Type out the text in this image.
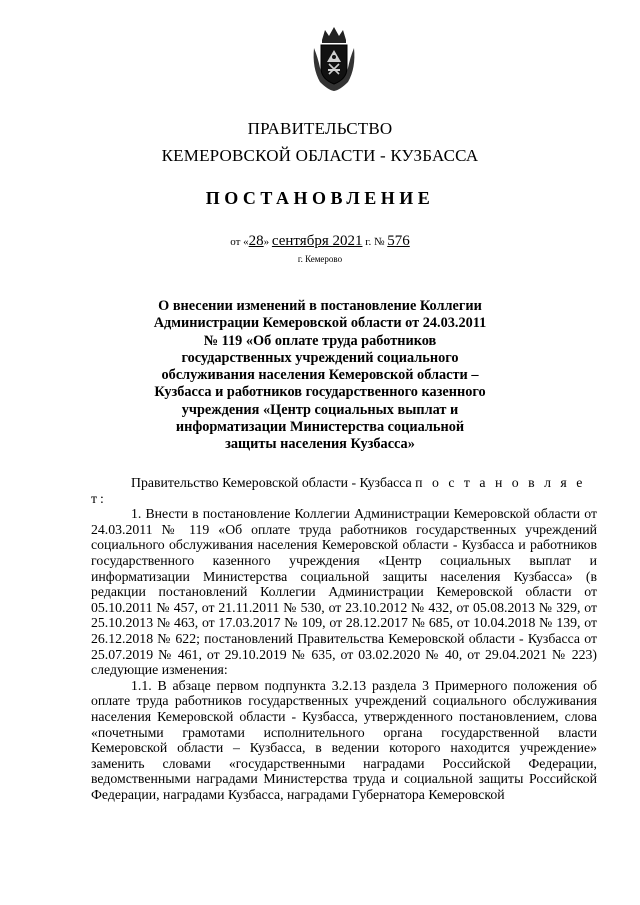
ПРАВИТЕЛЬСТВО
КЕМЕРОВСКОЙ ОБЛАСТИ - КУЗБАССА
ПОСТАНОВЛЕНИЕ
от «28» сентября 2021 г. № 576
г. Кемерово
О внесении изменений в постановление Коллегии Администрации Кемеровской области от 24.03.2011 № 119 «Об оплате труда работников государственных учреждений социального обслуживания населения Кемеровской области – Кузбасса и работников государственного казенного учреждения «Центр социальных выплат и информатизации Министерства социальной защиты населения Кузбасса»

Правительство Кемеровской области - Кузбасса п о с т а н о в л я е т:

1. Внести в постановление Коллегии Администрации Кемеровской области от 24.03.2011 № 119 «Об оплате труда работников государственных учреждений социального обслуживания населения Кемеровской области - Кузбасса и работников государственного казенного учреждения «Центр социальных выплат и информатизации Министерства социальной защиты населения Кузбасса» (в редакции постановлений Коллегии Администрации Кемеровской области от 05.10.2011 № 457, от 21.11.2011 № 530, от 23.10.2012 № 432, от 05.08.2013 № 329, от 25.10.2013 № 463, от 17.03.2017 № 109, от 28.12.2017 № 685, от 10.04.2018 № 139, от 26.12.2018 № 622; постановлений Правительства Кемеровской области - Кузбасса от 25.07.2019 № 461, от 29.10.2019 № 635, от 03.02.2020 № 40, от 29.04.2021 № 223) следующие изменения:

1.1. В абзаце первом подпункта 3.2.13 раздела 3 Примерного положения об оплате труда работников государственных учреждений социального обслуживания населения Кемеровской области - Кузбасса, утвержденного постановлением, слова «почетными грамотами исполнительного органа государственной власти Кемеровской области – Кузбасса, в ведении которого находится учреждение» заменить словами «государственными наградами Российской Федерации, ведомственными наградами Министерства труда и социальной защиты Российской Федерации, наградами Кузбасса, наградами Губернатора Кемеровской
